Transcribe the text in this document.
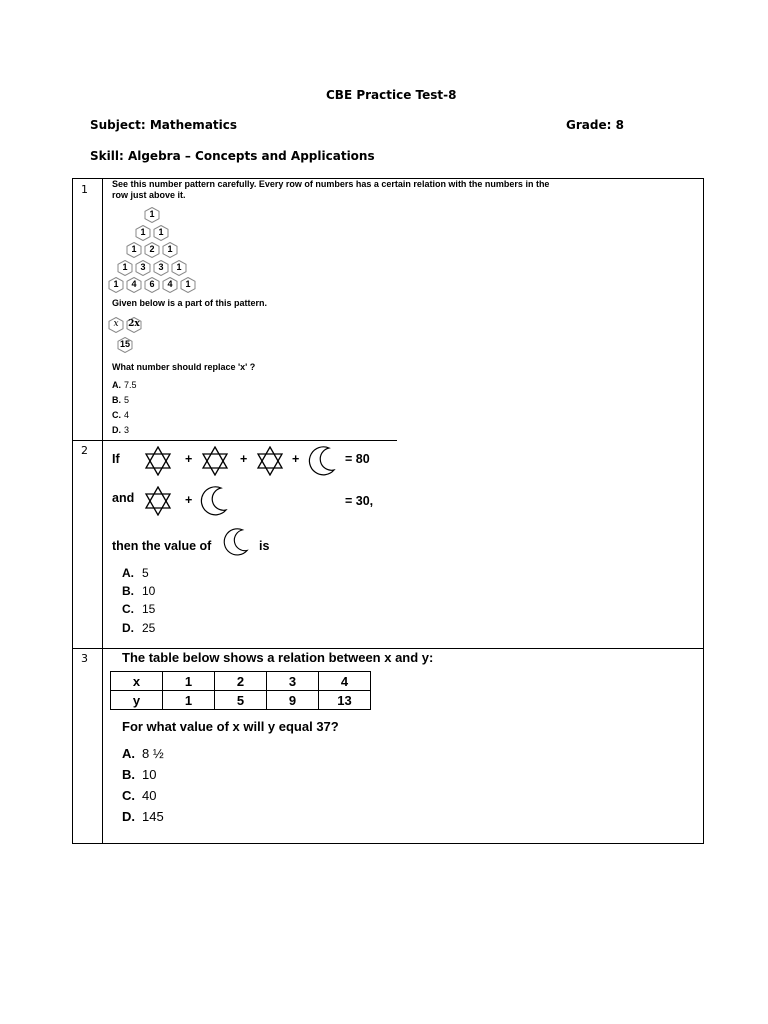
CBE Practice Test-8
Subject: Mathematics	Grade: 8
Skill: Algebra – Concepts and Applications
1
2
3
See this number pattern carefully. Every row of numbers has a certain relation with the numbers in the
row just above it.
1
1	1
1	2	1
1	3	3	1
1	4	6	4	1
Given below is a part of this pattern.
x	2x
15
What number should replace 'x' ?
A. 7.5
B. 5
C. 4
D. 3
If	+	+	+	= 80
and	+	= 30,
then the value of	is
A. 5
B. 10
C. 15
D. 25
The table below shows a relation between x and y:
x	1	2	3	4
y	1	5	9	13
For what value of x will y equal 37?
A. 8 ½
B. 10
C. 40
D. 145
